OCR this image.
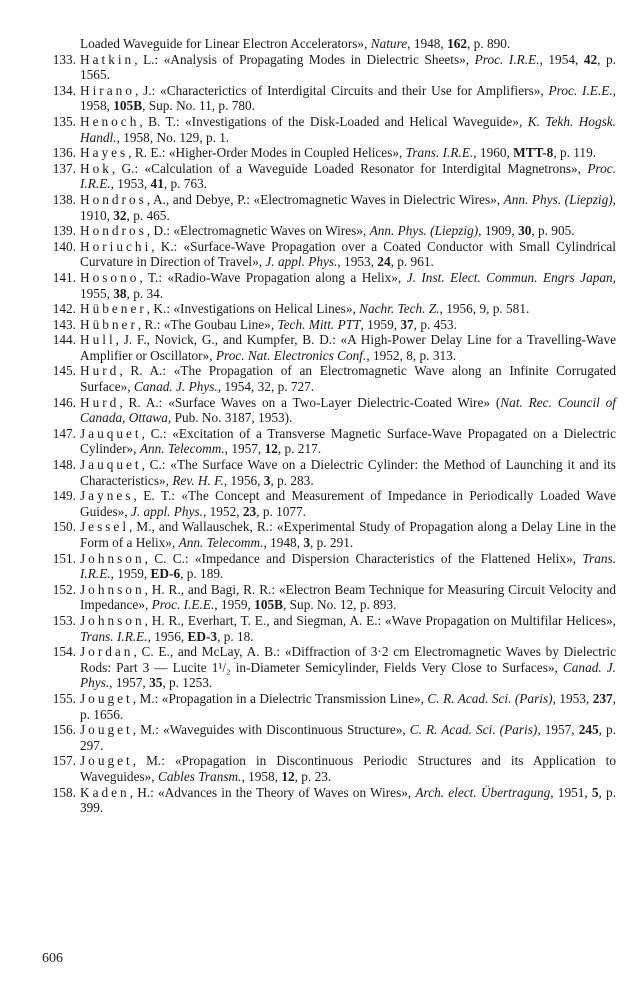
Loaded Waveguide for Linear Electron Accelerators», Nature, 1948, 162, p. 890.
133. Hatkin, L.: «Analysis of Propagating Modes in Dielectric Sheets», Proc. I.R.E., 1954, 42, p. 1565.
134. Hirano, J.: «Characterictics of Interdigital Circuits and their Use for Amplifiers», Proc. I.E.E., 1958, 105B, Sup. No. 11, p. 780.
135. Henoch, B. T.: «Investigations of the Disk-Loaded and Helical Waveguide», K. Tekh. Hogsk. Handl., 1958, No. 129, p. 1.
136. Hayes, R. E.: «Higher-Order Modes in Coupled Helices», Trans. I.R.E., 1960, MTT-8, p. 119.
137. Hok, G.: «Calculation of a Waveguide Loaded Resonator for Interdigital Magnetrons», Proc. I.R.E., 1953, 41, p. 763.
138. Hondros, A., and Debye, P.: «Electromagnetic Waves in Dielectric Wires», Ann. Phys. (Liepzig), 1910, 32, p. 465.
139. Hondros, D.: «Electromagnetic Waves on Wires», Ann. Phys. (Liepzig), 1909, 30, p. 905.
140. Horiuchi, K.: «Surface-Wave Propagation over a Coated Conductor with Small Cylindrical Curvature in Direction of Travel», J. appl. Phys., 1953, 24, p. 961.
141. Hosono, T.: «Radio-Wave Propagation along a Helix», J. Inst. Elect. Commun. Engrs Japan, 1955, 38, p. 34.
142. Hübener, K.: «Investigations on Helical Lines», Nachr. Tech. Z., 1956, 9, p. 581.
143. Hübner, R.: «The Goubau Line», Tech. Mitt. PTT, 1959, 37, p. 453.
144. Hull, J. F., Novick, G., and Kumpfer, B. D.: «A High-Power Delay Line for a Travelling-Wave Amplifier or Oscillator», Proc. Nat. Electronics Conf., 1952, 8, p. 313.
145. Hurd, R. A.: «The Propagation of an Electromagnetic Wave along an Infinite Corrugated Surface», Canad. J. Phys., 1954, 32, p. 727.
146. Hurd, R. A.: «Surface Waves on a Two-Layer Dielectric-Coated Wire» (Nat. Rec. Council of Canada, Ottawa, Pub. No. 3187, 1953).
147. Jauquet, C.: «Excitation of a Transverse Magnetic Surface-Wave Propagated on a Dielectric Cylinder», Ann. Telecomm., 1957, 12, p. 217.
148. Jauquet, C.: «The Surface Wave on a Dielectric Cylinder: the Method of Launching it and its Characteristics», Rev. H. F., 1956, 3, p. 283.
149. Jaynes, E. T.: «The Concept and Measurement of Impedance in Periodically Loaded Wave Guides», J. appl. Phys., 1952, 23, p. 1077.
150. Jessel, M., and Wallauschek, R.: «Experimental Study of Propagation along a Delay Line in the Form of a Helix», Ann. Telecomm., 1948, 3, p. 291.
151. Johnson, C. C.: «Impedance and Dispersion Characteristics of the Flattened Helix», Trans. I.R.E., 1959, ED-6, p. 189.
152. Johnson, H. R., and Bagi, R. R.: «Electron Beam Technique for Measuring Circuit Velocity and Impedance», Proc. I.E.E., 1959, 105B, Sup. No. 12, p. 893.
153. Johnson, H. R., Everhart, T. E., and Siegman, A. E.: «Wave Propagation on Multifilar Helices», Trans. I.R.E., 1956, ED-3, p. 18.
154. Jordan, C. E., and McLay, A. B.: «Diffraction of 3·2 cm Electromagnetic Waves by Dielectric Rods: Part 3 — Lucite 1¹/₂ in-Diameter Semicylinder, Fields Very Close to Surfaces», Canad. J. Phys., 1957, 35, p. 1253.
155. Jouget, M.: «Propagation in a Dielectric Transmission Line», C. R. Acad. Sci. (Paris), 1953, 237, p. 1656.
156. Jouget, M.: «Waveguides with Discontinuous Structure», C. R. Acad. Sci. (Paris), 1957, 245, p. 297.
157. Jouget, M.: «Propagation in Discontinuous Periodic Structures and its Application to Waveguides», Cables Transm., 1958, 12, p. 23.
158. Kaden, H.: «Advances in the Theory of Waves on Wires», Arch. elect. Übertragung, 1951, 5, p. 399.
606
